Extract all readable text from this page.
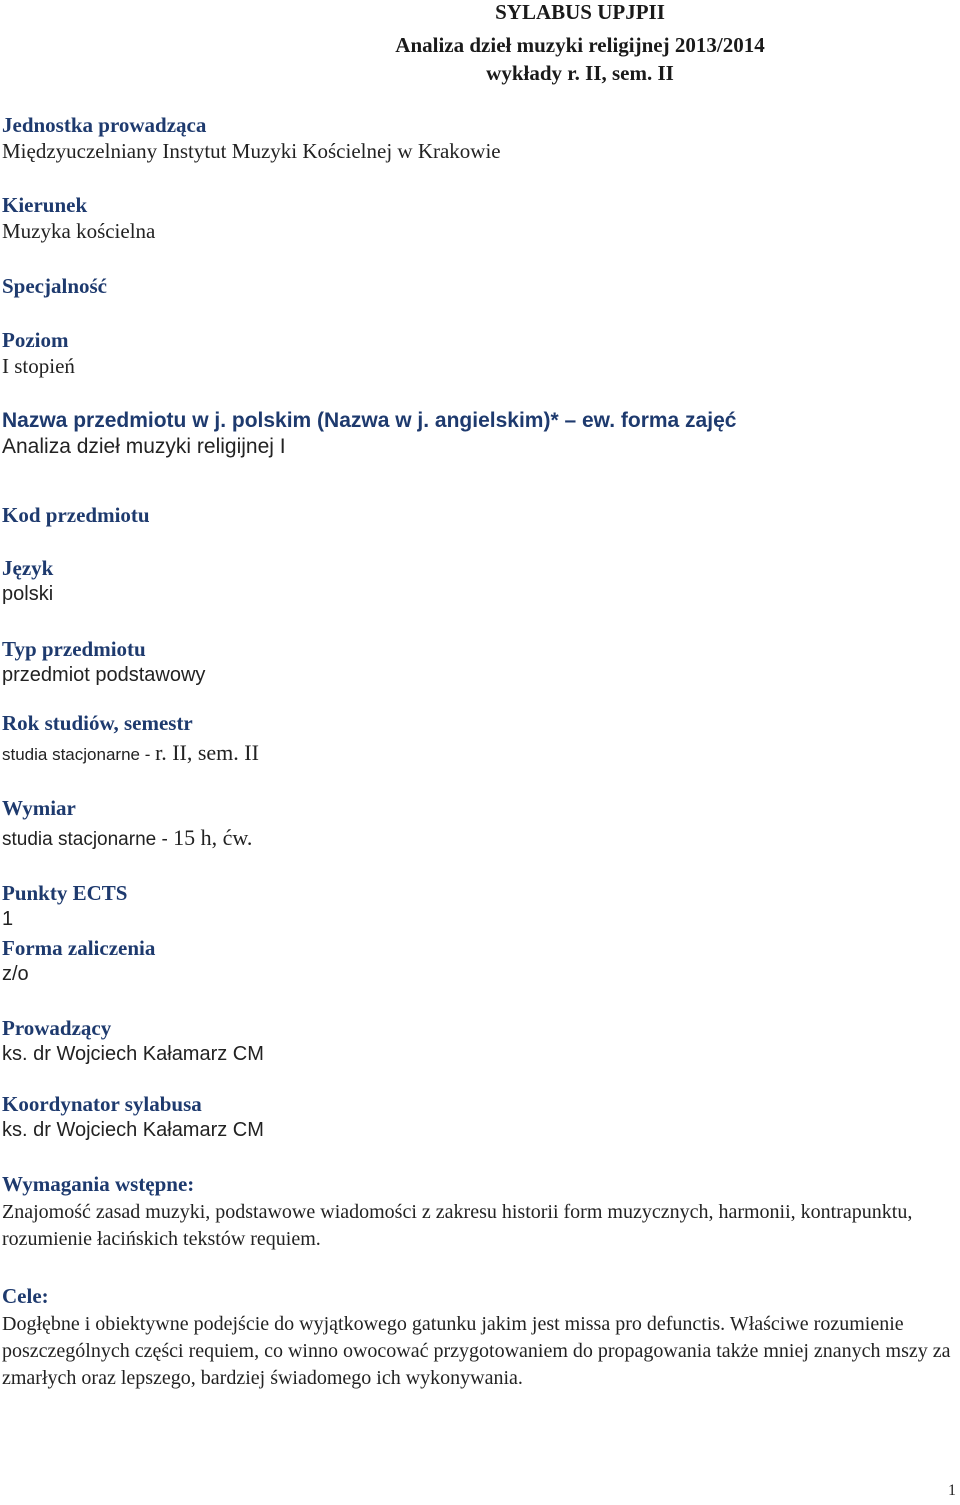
SYLABUS UPJPII
Analiza dzieł muzyki religijnej 2013/2014
wykłady r. II, sem. II
Jednostka prowadząca
Międzyuczelniany Instytut Muzyki Kościelnej w Krakowie
Kierunek
Muzyka kościelna
Specjalność
Poziom
I stopień
Nazwa przedmiotu w j. polskim (Nazwa w j. angielskim)* – ew. forma zajęć
Analiza dzieł muzyki religijnej I
Kod przedmiotu
Język
polski
Typ przedmiotu
przedmiot podstawowy
Rok studiów, semestr
studia stacjonarne - r. II, sem. II
Wymiar
studia stacjonarne - 15 h, ćw.
Punkty ECTS
1
Forma zaliczenia
z/o
Prowadzący
ks. dr Wojciech Kałamarz CM
Koordynator sylabusa
ks. dr Wojciech Kałamarz CM
Wymagania wstępne:
Znajomość zasad muzyki, podstawowe wiadomości z zakresu historii form muzycznych, harmonii, kontrapunktu, rozumienie łacińskich tekstów requiem.
Cele:
Dogłębne i obiektywne podejście do wyjątkowego gatunku jakim jest missa pro defunctis. Właściwe rozumienie poszczególnych części requiem, co winno owocować przygotowaniem do propagowania także mniej znanych mszy za zmarłych oraz lepszego, bardziej świadomego ich wykonywania.
1
